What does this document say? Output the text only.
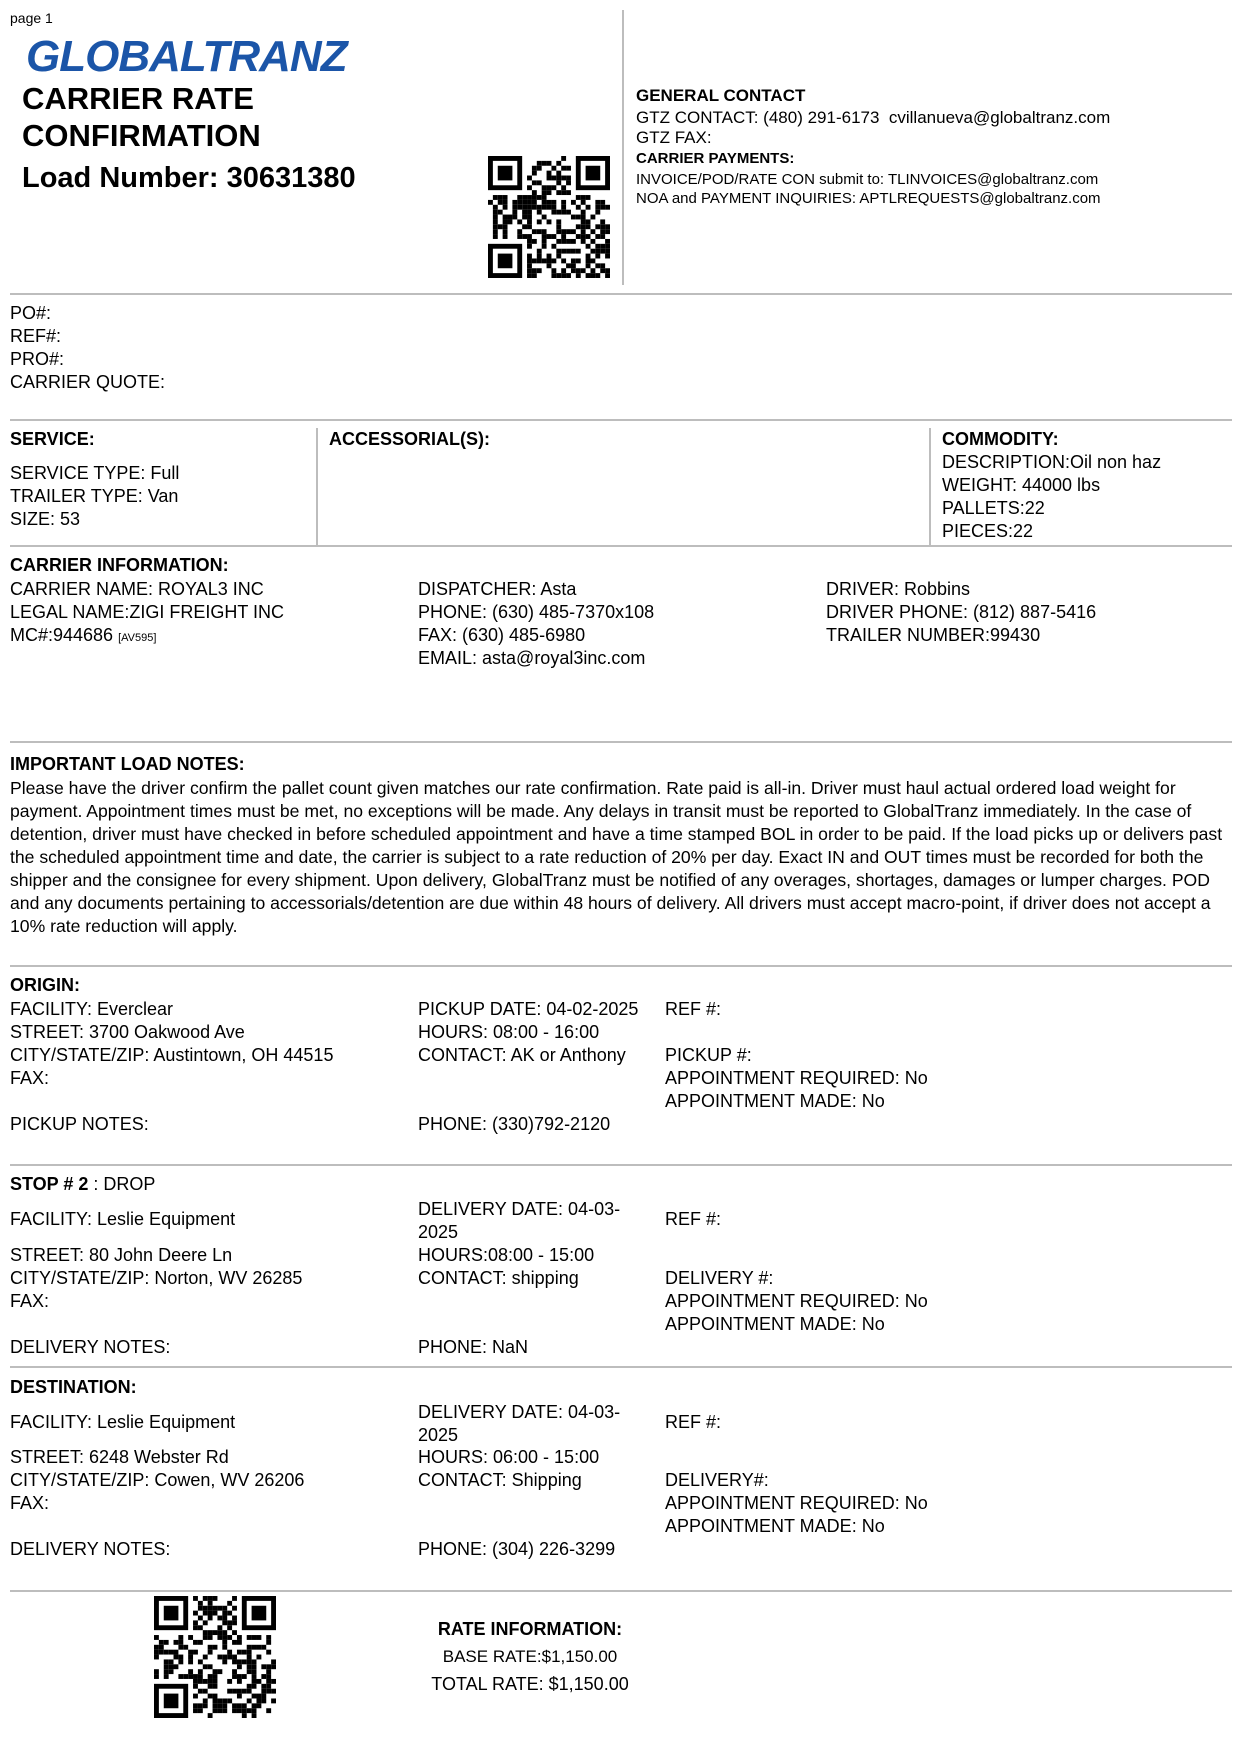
page 1
GLOBALTRANZ
CARRIER RATE
CONFIRMATION
Load Number: 30631380
GENERAL CONTACT
GTZ CONTACT: (480) 291-6173  cvillanueva@globaltranz.com
GTZ FAX:
CARRIER PAYMENTS:
INVOICE/POD/RATE CON submit to: TLINVOICES@globaltranz.com
NOA and PAYMENT INQUIRIES: APTLREQUESTS@globaltranz.com
PO#:
REF#:
PRO#:
CARRIER QUOTE:
SERVICE:
SERVICE TYPE: Full
TRAILER TYPE: Van
SIZE: 53
ACCESSORIAL(S):	COMMODITY:
DESCRIPTION:Oil non haz
WEIGHT: 44000 lbs
PALLETS:22
PIECES:22
CARRIER INFORMATION:
CARRIER NAME: ROYAL3 INC
LEGAL NAME:ZIGI FREIGHT INC
MC#:944686 [AV595]
DISPATCHER: Asta
PHONE: (630) 485-7370x108
FAX: (630) 485-6980
EMAIL: asta@royal3inc.com
DRIVER: Robbins
DRIVER PHONE: (812) 887-5416
TRAILER NUMBER:99430
IMPORTANT LOAD NOTES:
Please have the driver confirm the pallet count given matches our rate confirmation. Rate paid is all-in. Driver must haul actual ordered load weight for payment. Appointment times must be met, no exceptions will be made. Any delays in transit must be reported to GlobalTranz immediately. In the case of detention, driver must have checked in before scheduled appointment and have a time stamped BOL in order to be paid. If the load picks up or delivers past the scheduled appointment time and date, the carrier is subject to a rate reduction of 20% per day. Exact IN and OUT times must be recorded for both the shipper and the consignee for every shipment. Upon delivery, GlobalTranz must be notified of any overages, shortages, damages or lumper charges. POD and any documents pertaining to accessorials/detention are due within 48 hours of delivery. All drivers must accept macro-point, if driver does not accept a 10% rate reduction will apply.
ORIGIN:
FACILITY: Everclear
STREET: 3700 Oakwood Ave
CITY/STATE/ZIP: Austintown, OH 44515
FAX:
PICKUP NOTES:
PICKUP DATE: 04-02-2025
HOURS: 08:00 - 16:00
CONTACT: AK or Anthony
PHONE: (330)792-2120
REF #:
PICKUP #:
APPOINTMENT REQUIRED: No
APPOINTMENT MADE: No
STOP # 2 : DROP
FACILITY: Leslie Equipment
STREET: 80 John Deere Ln
CITY/STATE/ZIP: Norton, WV 26285
FAX:
DELIVERY NOTES:
DELIVERY DATE: 04-03-
2025
HOURS:08:00 - 15:00
CONTACT: shipping
PHONE: NaN
REF #:
DELIVERY #:
APPOINTMENT REQUIRED: No
APPOINTMENT MADE: No
DESTINATION:
FACILITY: Leslie Equipment
STREET: 6248 Webster Rd
CITY/STATE/ZIP: Cowen, WV 26206
FAX:
DELIVERY NOTES:
DELIVERY DATE: 04-03-
2025
HOURS: 06:00 - 15:00
CONTACT: Shipping
PHONE: (304) 226-3299
REF #:
DELIVERY#:
APPOINTMENT REQUIRED: No
APPOINTMENT MADE: No
RATE INFORMATION:
BASE RATE:$1,150.00
TOTAL RATE: $1,150.00
